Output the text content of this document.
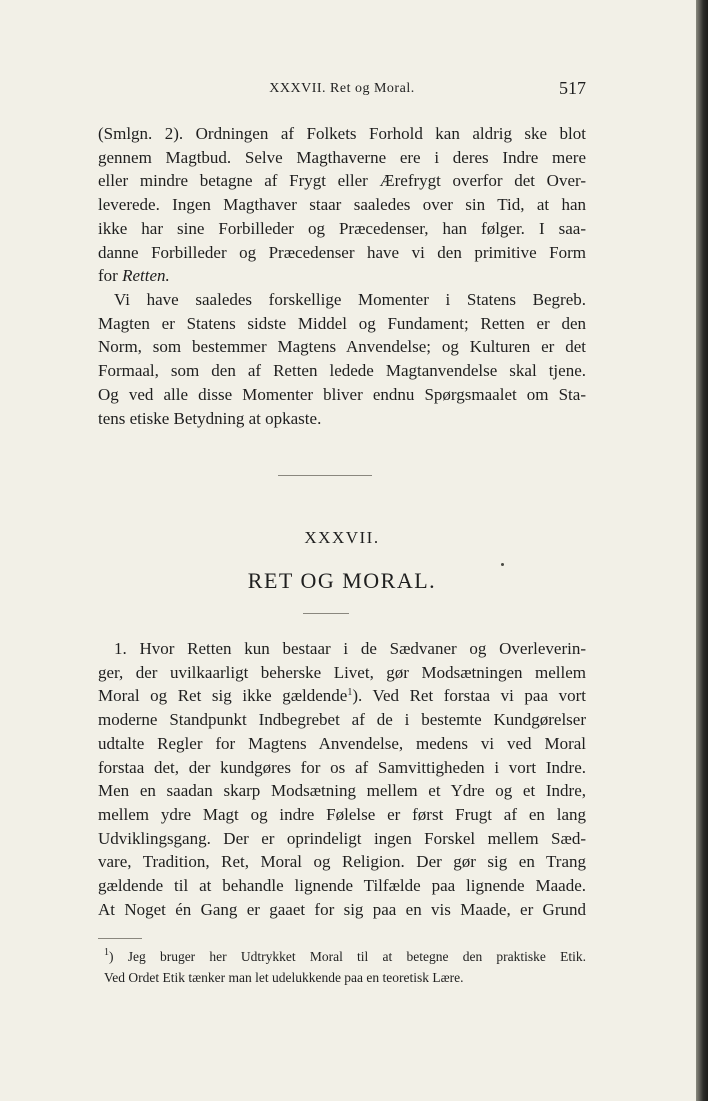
XXXVII. Ret og Moral.	517

(Smlgn. 2). Ordningen af Folkets Forhold kan aldrig ske blot
gennem Magtbud. Selve Magthaverne ere i deres Indre mere
eller mindre betagne af Frygt eller Ærefrygt overfor det Over-
leverede. Ingen Magthaver staar saaledes over sin Tid, at han
ikke har sine Forbilleder og Præcedenser, han følger. I saa-
danne Forbilleder og Præcedenser have vi den primitive Form
for Retten.

Vi have saaledes forskellige Momenter i Statens Begreb.
Magten er Statens sidste Middel og Fundament; Retten er den
Norm, som bestemmer Magtens Anvendelse; og Kulturen er det
Formaal, som den af Retten ledede Magtanvendelse skal tjene.
Og ved alle disse Momenter bliver endnu Spørgsmaalet om Sta-
tens etiske Betydning at opkaste.

XXXVII.
RET OG MORAL.

1. Hvor Retten kun bestaar i de Sædvaner og Overleverin-
ger, der uvilkaarligt beherske Livet, gør Modsætningen mellem
Moral og Ret sig ikke gældende$^1$). Ved Ret forstaa vi paa vort
moderne Standpunkt Indbegrebet af de i bestemte Kundgørelser
udtalte Regler for Magtens Anvendelse, medens vi ved Moral
forstaa det, der kundgøres for os af Samvittigheden i vort Indre.
Men en saadan skarp Modsætning mellem et Ydre og et Indre,
mellem ydre Magt og indre Følelse er først Frugt af en lang
Udviklingsgang. Der er oprindeligt ingen Forskel mellem Sæd-
vare, Tradition, Ret, Moral og Religion. Der gør sig en Trang
gældende til at behandle lignende Tilfælde paa lignende Maade.
At Noget én Gang er gaaet for sig paa en vis Maade, er Grund

$^1$) Jeg bruger her Udtrykket Moral til at betegne den praktiske Etik.
Ved Ordet Etik tænker man let udelukkende paa en teoretisk Lære.
